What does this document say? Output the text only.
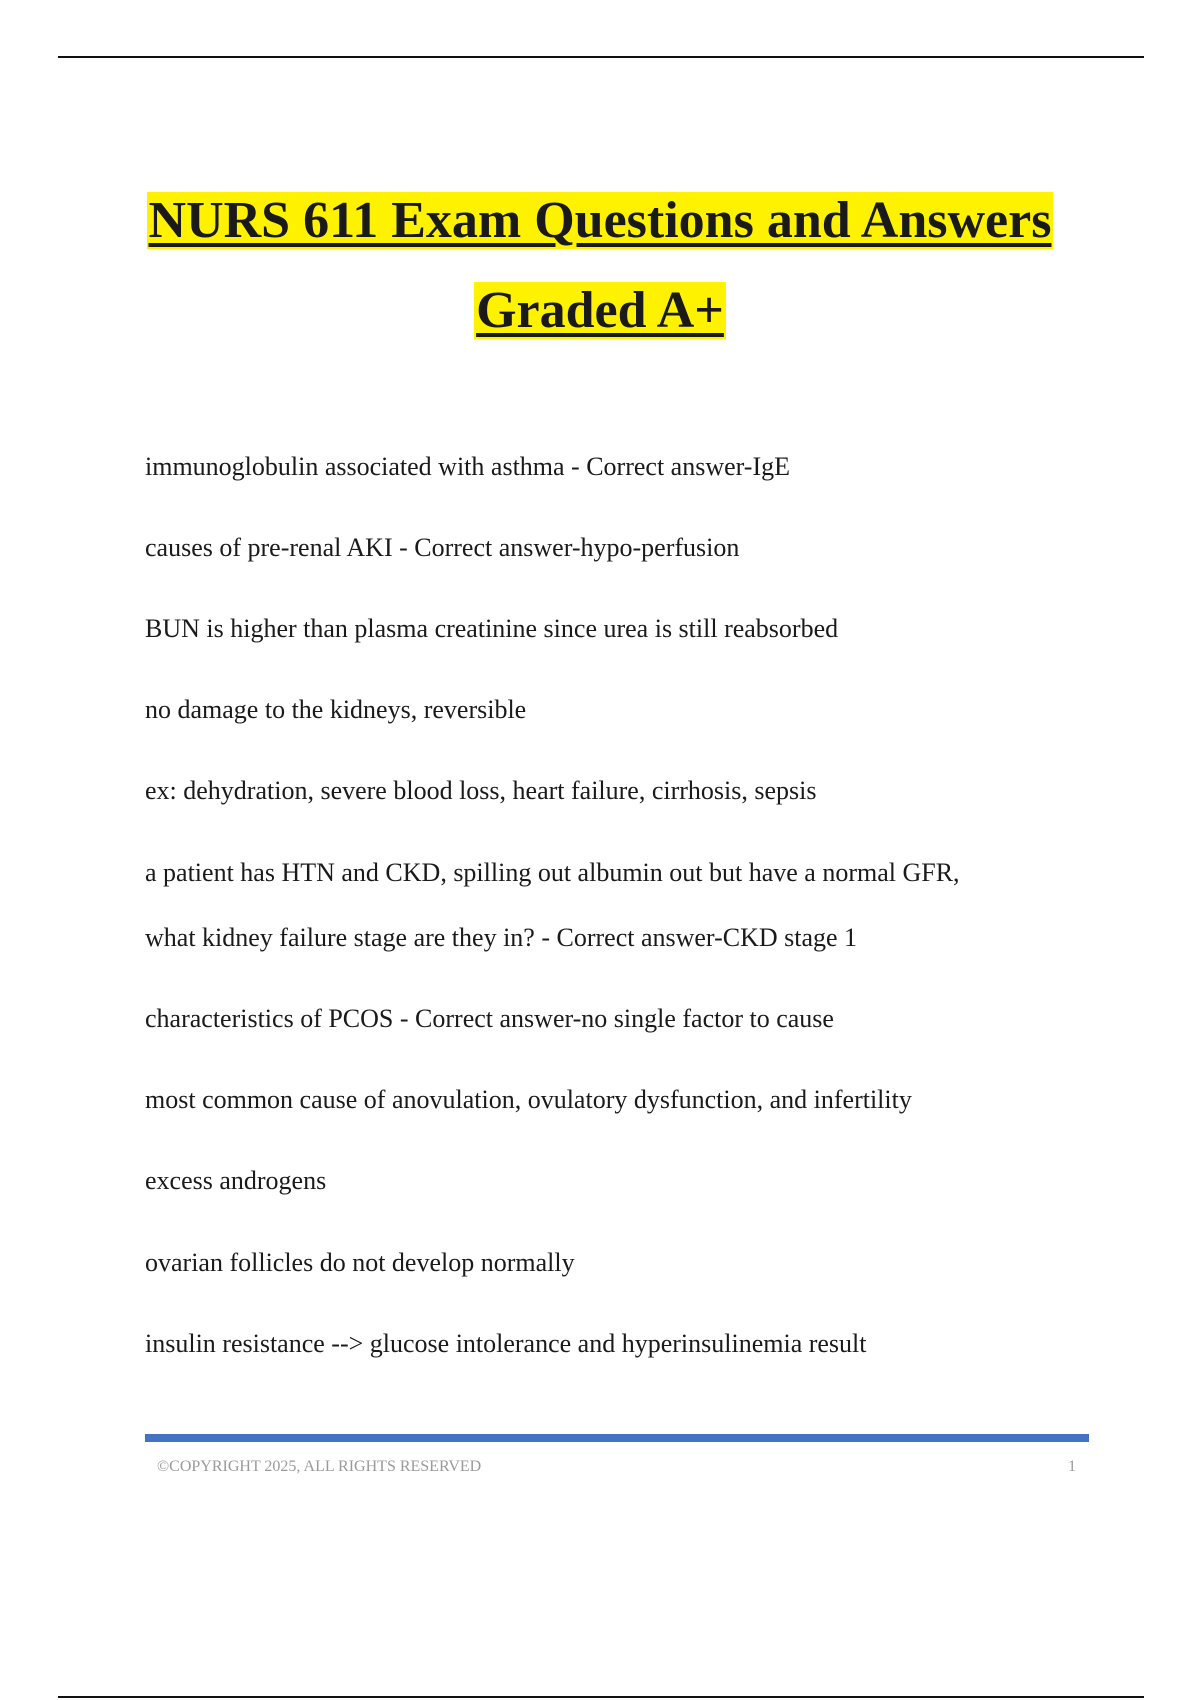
NURS 611 Exam Questions and Answers
Graded A+

immunoglobulin associated with asthma - Correct answer-IgE

causes of pre-renal AKI - Correct answer-hypo-perfusion

BUN is higher than plasma creatinine since urea is still reabsorbed

no damage to the kidneys, reversible

ex: dehydration, severe blood loss, heart failure, cirrhosis, sepsis

a patient has HTN and CKD, spilling out albumin out but have a normal GFR,

what kidney failure stage are they in? - Correct answer-CKD stage 1

characteristics of PCOS - Correct answer-no single factor to cause

most common cause of anovulation, ovulatory dysfunction, and infertility

excess androgens

ovarian follicles do not develop normally

insulin resistance --> glucose intolerance and hyperinsulinemia result

©COPYRIGHT 2025, ALL RIGHTS RESERVED	1
